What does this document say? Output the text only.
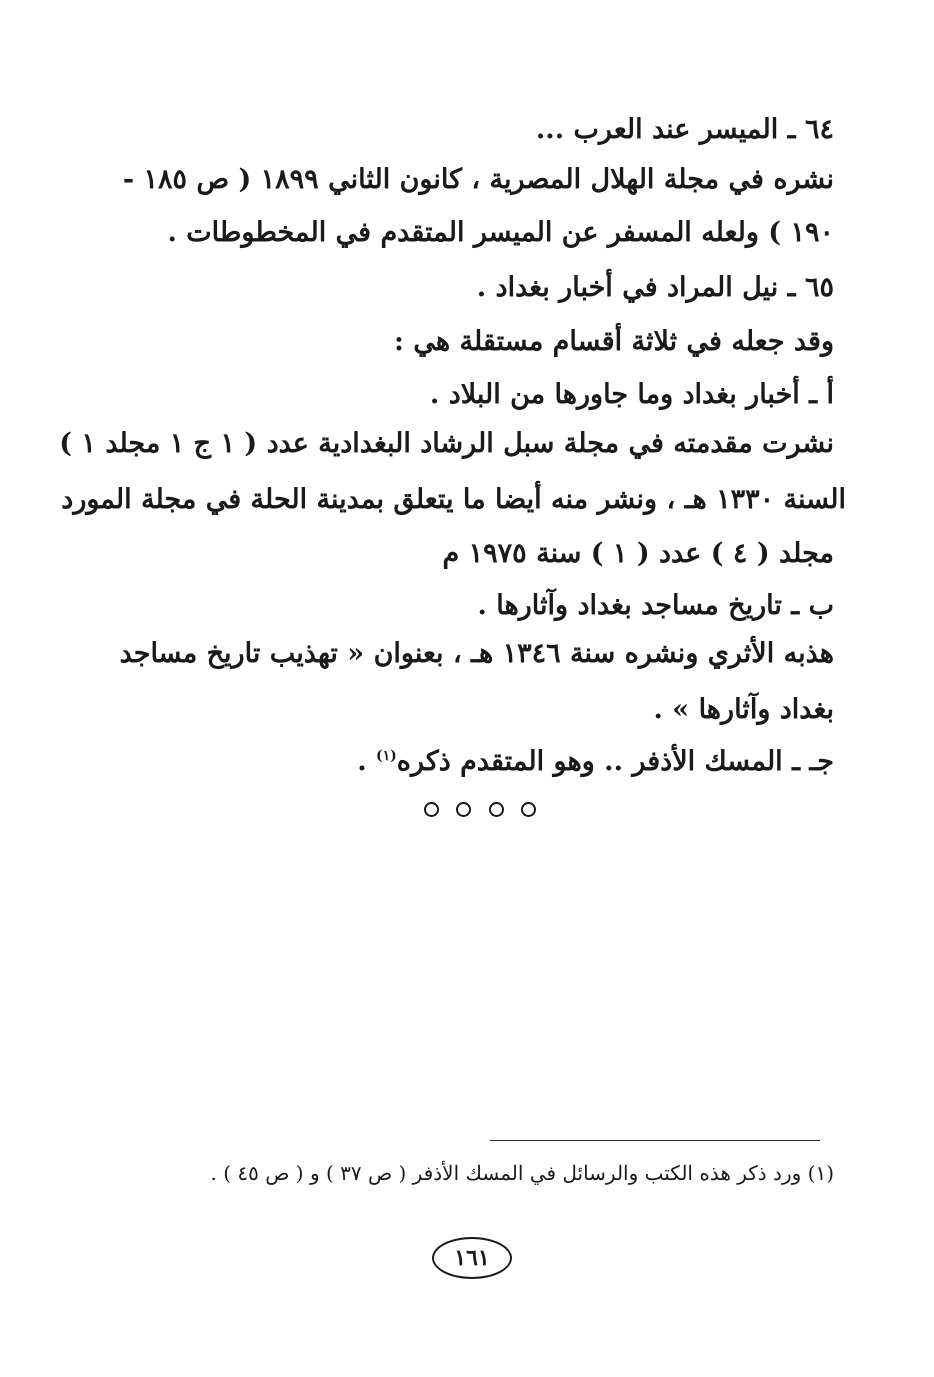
٦٤ ـ الميسر عند العرب ...
نشره في مجلة الهلال المصرية ، كانون الثاني ١٨٩٩ ( ص ١٨٥ -
١٩٠ ) ولعله المسفر عن الميسر المتقدم في المخطوطات .
٦٥ ـ نيل المراد في أخبار بغداد .
وقد جعله في ثلاثة أقسام مستقلة هي :
أ ـ أخبار بغداد وما جاورها من البلاد .
نشرت مقدمته في مجلة سبل الرشاد البغدادية عدد ( ١ ج ١ مجلد ١ )
السنة ١٣٣٠ هـ ، ونشر منه أيضا ما يتعلق بمدينة الحلة في مجلة المورد
مجلد ( ٤ ) عدد ( ١ ) سنة ١٩٧٥ م
ب ـ تاريخ مساجد بغداد وآثارها .
هذبه الأثري ونشره سنة ١٣٤٦ هـ ، بعنوان « تهذيب تاريخ مساجد
بغداد وآثارها » .
جـ ـ المسك الأذفر .. وهو المتقدم ذكره$^{(١)}$ .
(١) ورد ذكر هذه الكتب والرسائل في المسك الأذفر ( ص ٣٧ ) و ( ص ٤٥ ) .
١٦١
